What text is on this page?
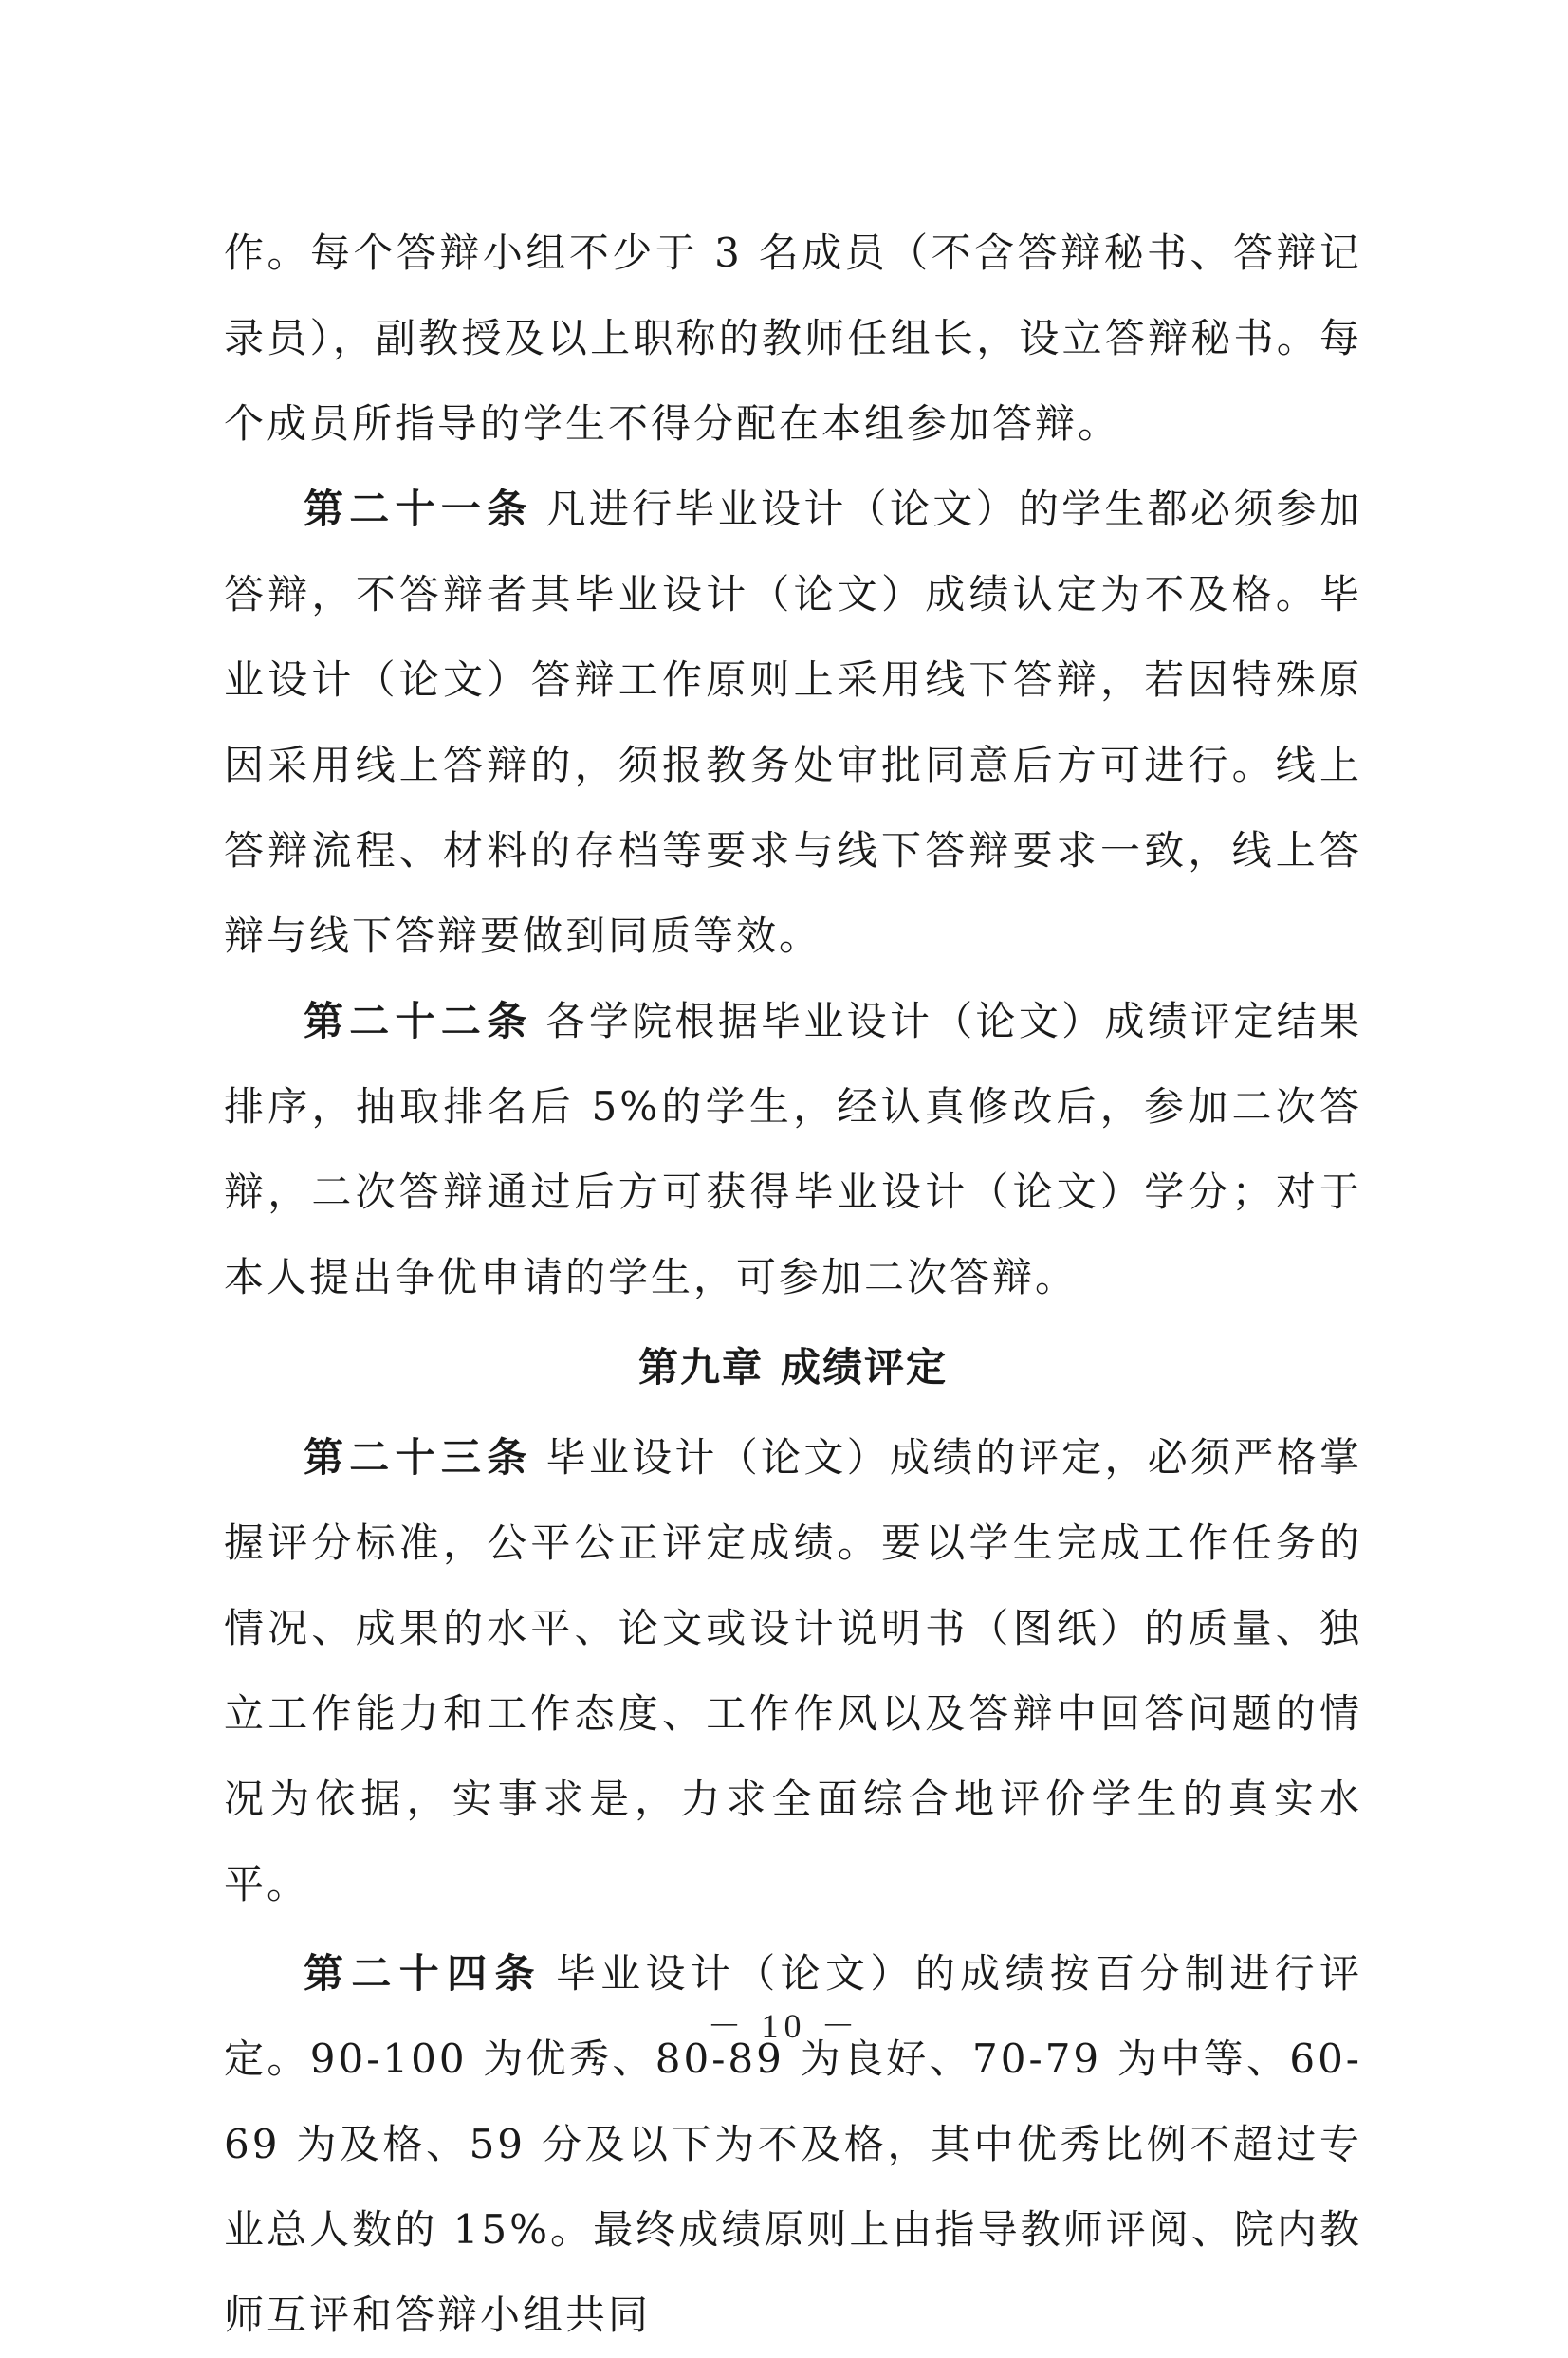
作。每个答辩小组不少于 3 名成员（不含答辩秘书、答辩记录员），副教授及以上职称的教师任组长，设立答辩秘书。每个成员所指导的学生不得分配在本组参加答辩。

第二十一条 凡进行毕业设计（论文）的学生都必须参加答辩，不答辩者其毕业设计（论文）成绩认定为不及格。毕业设计（论文）答辩工作原则上采用线下答辩，若因特殊原因采用线上答辩的，须报教务处审批同意后方可进行。线上答辩流程、材料的存档等要求与线下答辩要求一致，线上答辩与线下答辩要做到同质等效。

第二十二条 各学院根据毕业设计（论文）成绩评定结果排序，抽取排名后 5%的学生，经认真修改后，参加二次答辩，二次答辩通过后方可获得毕业设计（论文）学分；对于本人提出争优申请的学生，可参加二次答辩。

第九章 成绩评定

第二十三条 毕业设计（论文）成绩的评定，必须严格掌握评分标准，公平公正评定成绩。要以学生完成工作任务的情况、成果的水平、论文或设计说明书（图纸）的质量、独立工作能力和工作态度、工作作风以及答辩中回答问题的情况为依据，实事求是，力求全面综合地评价学生的真实水平。

第二十四条 毕业设计（论文）的成绩按百分制进行评定。90-100 为优秀、80-89 为良好、70-79 为中等、60-69 为及格、59 分及以下为不及格，其中优秀比例不超过专业总人数的 15%。最终成绩原则上由指导教师评阅、院内教师互评和答辩小组共同

－ 10 －
